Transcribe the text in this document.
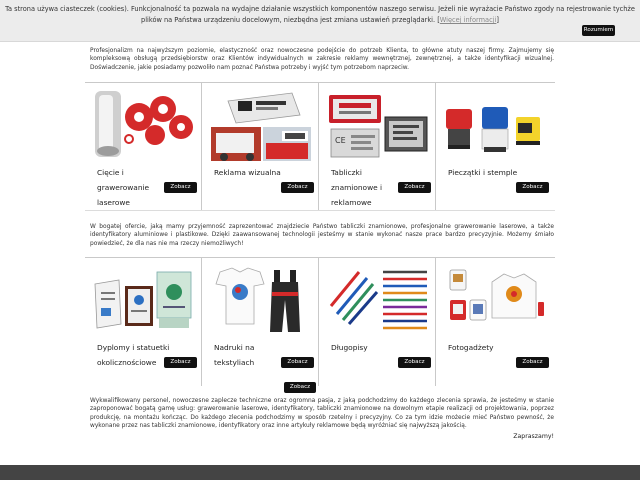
Ta strona używa ciasteczek (cookies). Funkcjonalność ta pozwala na wydajne działanie wszystkich komponentów naszego serwisu. Jeżeli nie wyrażacie Państwo zgody na rejestrowanie tychże plików na Państwa urządzeniu docelowym, niezbędna jest zmiana ustawień przeglądarki. [Więcej informacji]
Rozumiem
Profesjonalizm na najwyższym poziomie, elastyczność oraz nowoczesne podejście do potrzeb Klienta, to główne atuty naszej firmy. Zajmujemy się kompleksową obsługą przedsiębiorstw oraz Klientów indywidualnych w zakresie reklamy wewnętrznej, zewnętrznej, a także identyfikacji wizualnej. Doświadczenie, jakie posiadamy pozwoliło nam poznać Państwa potrzeby i wyjść tym potrzebom naprzeciw.
Cięcie i grawerowanie laserowe
Zobacz
Reklama wizualna
Zobacz
CE
Tabliczki znamionowe i reklamowe
Zobacz
Pieczątki i stemple
Zobacz
W bogatej ofercie, jaką mamy przyjemność zaprezentować znajdziecie Państwo tabliczki znamionowe, profesjonalne grawerowanie laserowe, a także identyfikatory aluminiowe i plastikowe. Dzięki zaawansowanej technologii jesteśmy w stanie wykonać nasze prace bardzo precyzyjnie. Możemy śmiało powiedzieć, że dla nas nie ma rzeczy niemożliwych!
Dyplomy i statuetki okolicznościowe	Zobacz
Nadruki na tekstyliach	Zobacz
Długopisy
Zobacz
Fotogadżety
Zobacz
Zobacz
Wykwalifikowany personel, nowoczesne zaplecze techniczne oraz ogromna pasja, z jaką podchodzimy do każdego zlecenia sprawia, że jesteśmy w stanie zaproponować bogatą gamę usług: grawerowanie laserowe, identyfikatory, tabliczki znamionowe na dowolnym etapie realizacji od projektowania, poprzez produkcję, na montażu kończąc. Do każdego zlecenia podchodzimy w sposób rzetelny i precyzyjny. Co za tym idzie możecie mieć Państwo pewność, że wykonane przez nas tabliczki znamionowe, identyfikatory oraz inne artykuły reklamowe będą wyróżniać się najwyższą jakością.
Zapraszamy!
